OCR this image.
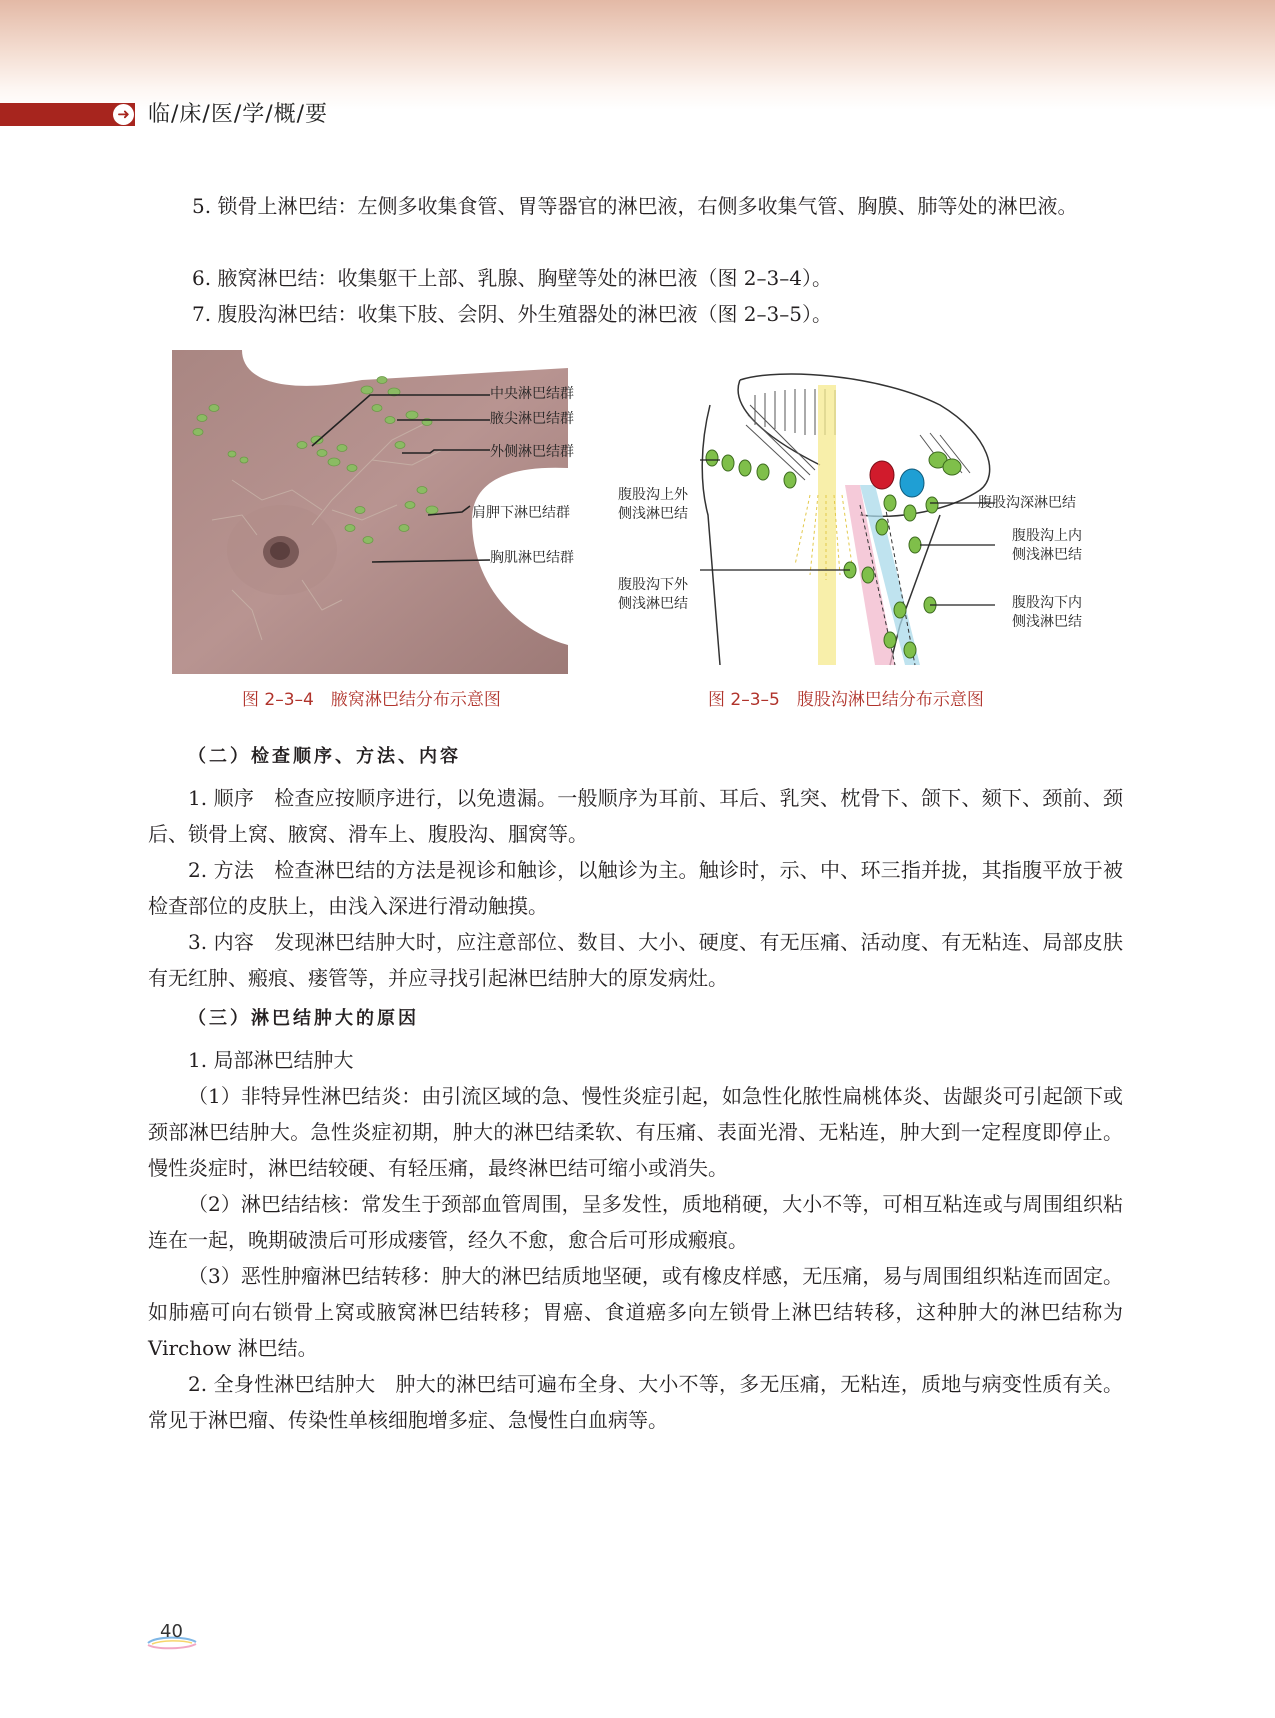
➜ 临/床/医/学/概/要

5. 锁骨上淋巴结：左侧多收集食管、胃等器官的淋巴液，右侧多收集气管、胸膜、肺等处的淋巴液。

6. 腋窝淋巴结：收集躯干上部、乳腺、胸壁等处的淋巴液（图 2–3–4）。

7. 腹股沟淋巴结：收集下肢、会阴、外生殖器处的淋巴液（图 2–3–5）。

中央淋巴结群
腋尖淋巴结群
外侧淋巴结群
肩胛下淋巴结群
胸肌淋巴结群
图 2–3–4　腋窝淋巴结分布示意图
腹股沟上外
侧浅淋巴结
腹股沟下外
侧浅淋巴结
腹股沟深淋巴结
腹股沟上内
侧浅淋巴结
腹股沟下内
侧浅淋巴结
图 2–3–5　腹股沟淋巴结分布示意图
（二）检查顺序、方法、内容

1. 顺序　检查应按顺序进行，以免遗漏。一般顺序为耳前、耳后、乳突、枕骨下、颌下、颏下、颈前、颈后、锁骨上窝、腋窝、滑车上、腹股沟、腘窝等。

2. 方法　检查淋巴结的方法是视诊和触诊，以触诊为主。触诊时，示、中、环三指并拢，其指腹平放于被检查部位的皮肤上，由浅入深进行滑动触摸。

3. 内容　发现淋巴结肿大时，应注意部位、数目、大小、硬度、有无压痛、活动度、有无粘连、局部皮肤有无红肿、瘢痕、瘘管等，并应寻找引起淋巴结肿大的原发病灶。

（三）淋巴结肿大的原因

1. 局部淋巴结肿大

（1）非特异性淋巴结炎：由引流区域的急、慢性炎症引起，如急性化脓性扁桃体炎、齿龈炎可引起颌下或颈部淋巴结肿大。急性炎症初期，肿大的淋巴结柔软、有压痛、表面光滑、无粘连，肿大到一定程度即停止。慢性炎症时，淋巴结较硬、有轻压痛，最终淋巴结可缩小或消失。

（2）淋巴结结核：常发生于颈部血管周围，呈多发性，质地稍硬，大小不等，可相互粘连或与周围组织粘连在一起，晚期破溃后可形成瘘管，经久不愈，愈合后可形成瘢痕。

（3）恶性肿瘤淋巴结转移：肿大的淋巴结质地坚硬，或有橡皮样感，无压痛，易与周围组织粘连而固定。如肺癌可向右锁骨上窝或腋窝淋巴结转移；胃癌、食道癌多向左锁骨上淋巴结转移，这种肿大的淋巴结称为 Virchow 淋巴结。

2. 全身性淋巴结肿大　肿大的淋巴结可遍布全身、大小不等，多无压痛，无粘连，质地与病变性质有关。常见于淋巴瘤、传染性单核细胞增多症、急慢性白血病等。

40
